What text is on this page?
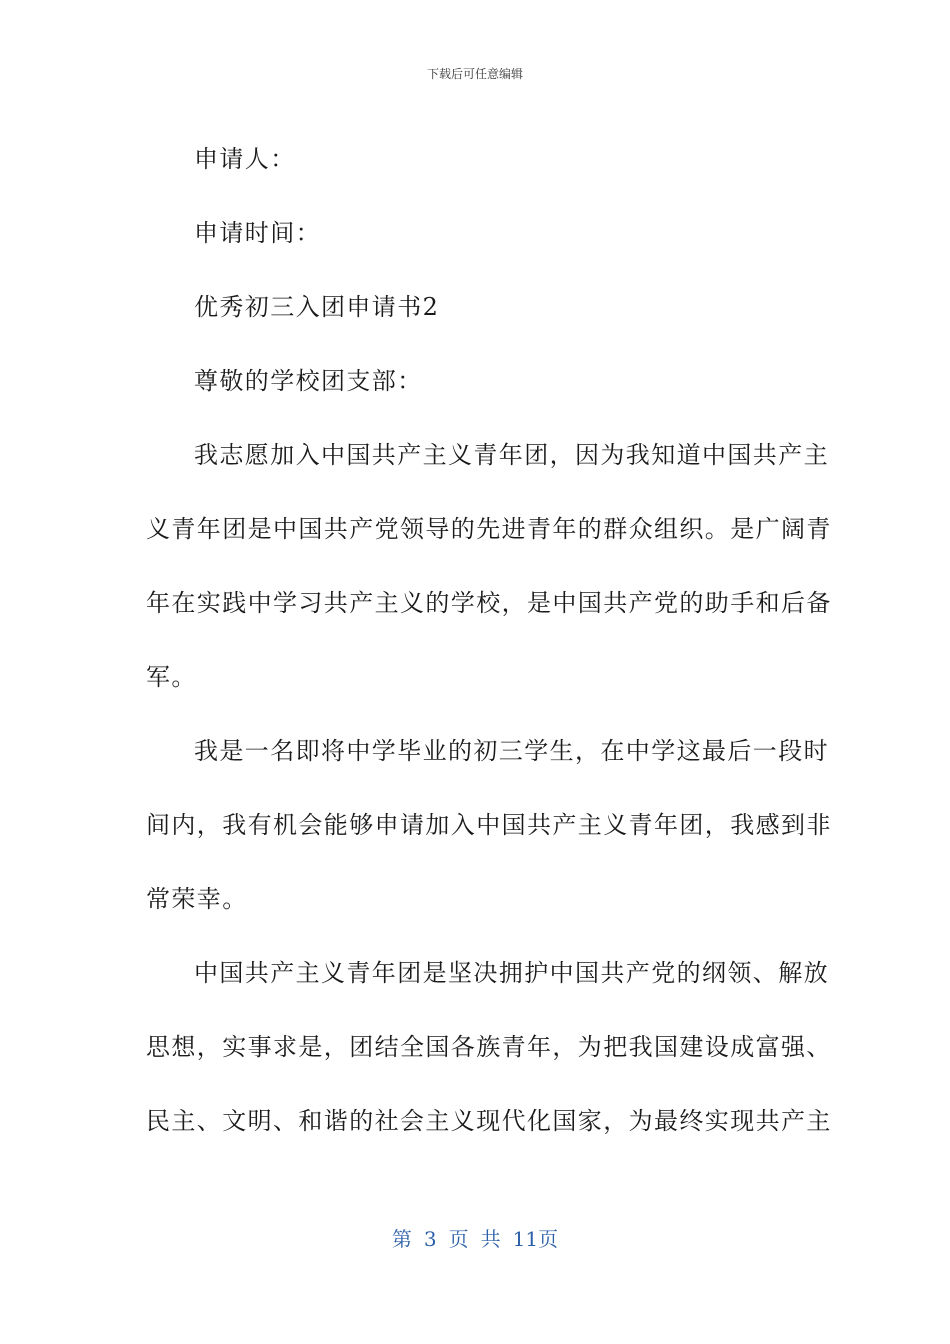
下载后可任意编辑
申请人：
申请时间：
优秀初三入团申请书2
尊敬的学校团支部：
我志愿加入中国共产主义青年团，因为我知道中国共产主
义青年团是中国共产党领导的先进青年的群众组织。是广阔青
年在实践中学习共产主义的学校，是中国共产党的助手和后备
军。
我是一名即将中学毕业的初三学生，在中学这最后一段时
间内，我有机会能够申请加入中国共产主义青年团，我感到非
常荣幸。
中国共产主义青年团是坚决拥护中国共产党的纲领、解放
思想，实事求是，团结全国各族青年，为把我国建设成富强、
民主、文明、和谐的社会主义现代化国家，为最终实现共产主
第 3 页 共 11页
